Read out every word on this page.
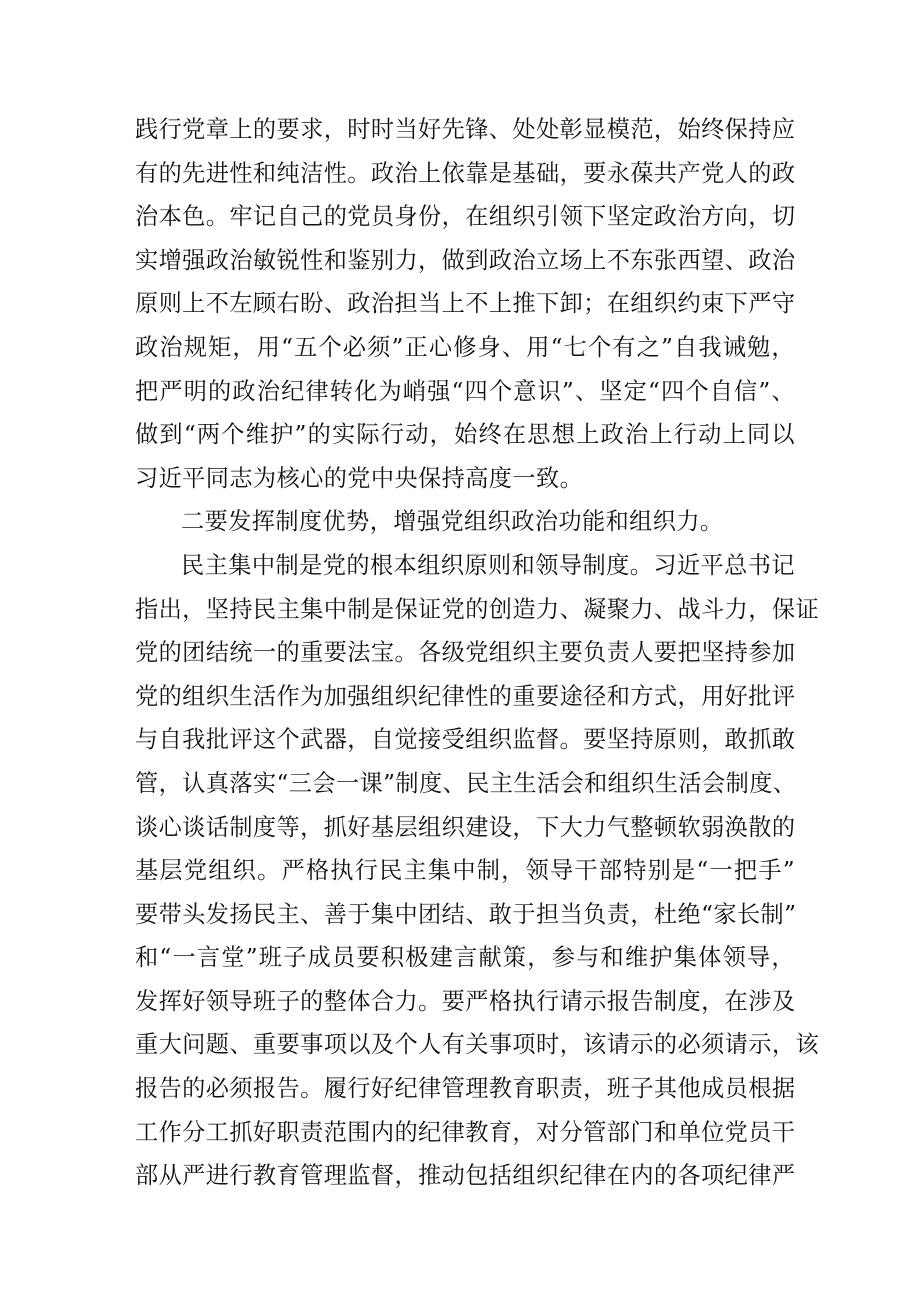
践行党章上的要求，时时当好先锋、处处彰显模范，始终保持应
有的先进性和纯洁性。政治上依靠是基础，要永葆共产党人的政
治本色。牢记自己的党员身份，在组织引领下坚定政治方向，切
实增强政治敏锐性和鉴别力，做到政治立场上不东张西望、政治
原则上不左顾右盼、政治担当上不上推下卸；在组织约束下严守
政治规矩，用“五个必须”正心修身、用“七个有之”自我诫勉，
把严明的政治纪律转化为峭强“四个意识”、坚定“四个自信”、
做到“两个维护”的实际行动，始终在思想上政治上行动上同以
习近平同志为核心的党中央保持高度一致。
二要发挥制度优势，增强党组织政治功能和组织力。
民主集中制是党的根本组织原则和领导制度。习近平总书记
指出，坚持民主集中制是保证党的创造力、凝聚力、战斗力，保证
党的团结统一的重要法宝。各级党组织主要负责人要把坚持参加
党的组织生活作为加强组织纪律性的重要途径和方式，用好批评
与自我批评这个武器，自觉接受组织监督。要坚持原则，敢抓敢
管，认真落实“三会一课”制度、民主生活会和组织生活会制度、
谈心谈话制度等，抓好基层组织建设，下大力气整顿软弱涣散的
基层党组织。严格执行民主集中制，领导干部特别是“一把手”
要带头发扬民主、善于集中团结、敢于担当负责，杜绝“家长制”
和“一言堂”班子成员要积极建言献策，参与和维护集体领导，
发挥好领导班子的整体合力。要严格执行请示报告制度，在涉及
重大问题、重要事项以及个人有关事项时，该请示的必须请示，该
报告的必须报告。履行好纪律管理教育职责，班子其他成员根据
工作分工抓好职责范围内的纪律教育，对分管部门和单位党员干
部从严进行教育管理监督，推动包括组织纪律在内的各项纪律严
